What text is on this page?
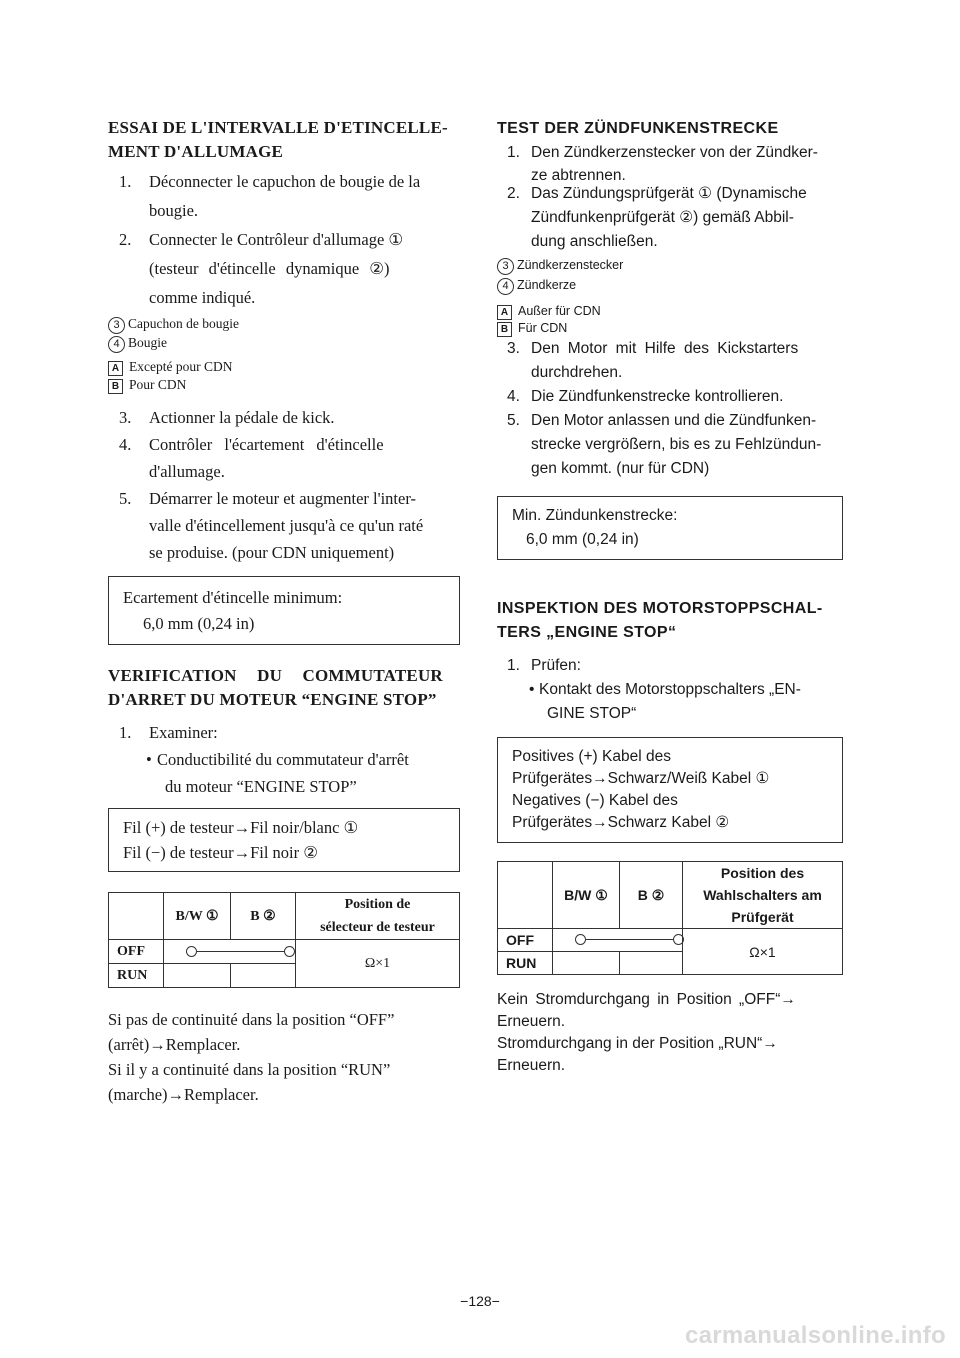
ESSAI DE L'INTERVALLE D'ETINCELLE-
MENT D'ALLUMAGE
1. Déconnecter le capuchon de bougie de la
bougie.
2. Connecter le Contrôleur d'allumage ①
(testeur d'étincelle dynamique ②)
comme indiqué.
3 Capuchon de bougie
4 Bougie
A Excepté pour CDN
B Pour CDN
3. Actionner la pédale de kick.
4. Contrôler l'écartement d'étincelle
d'allumage.
5. Démarrer le moteur et augmenter l'inter-
valle d'étincellement jusqu'à ce qu'un raté
se produise. (pour CDN uniquement)
Ecartement d'étincelle minimum:
6,0 mm (0,24 in)
VERIFICATION DU COMMUTATEUR
D'ARRET DU MOTEUR “ENGINE STOP”
1. Examiner:
• Conductibilité du commutateur d'arrêt
du moteur “ENGINE STOP”
Fil (+) de testeur→Fil noir/blanc ①
Fil (−) de testeur→Fil noir ②
	B/W ①	B ②	Position de
sélecteur de testeur
OFF			Ω×1
RUN			
Si pas de continuité dans la position “OFF”
(arrêt)→Remplacer.
Si il y a continuité dans la position “RUN”
(marche)→Remplacer.
TEST DER ZÜNDFUNKENSTRECKE
1. Den Zündkerzenstecker von der Zündker-
ze abtrennen.
2. Das Zündungsprüfgerät ① (Dynamische
Zündfunkenprüfgerät ②) gemäß Abbil-
dung anschließen.
3 Zündkerzenstecker
4 Zündkerze
A Außer für CDN
B Für CDN
3. Den Motor mit Hilfe des Kickstarters
durchdrehen.
4. Die Zündfunkenstrecke kontrollieren.
5. Den Motor anlassen und die Zündfunken-
strecke vergrößern, bis es zu Fehlzündun-
gen kommt. (nur für CDN)
Min. Zündunkenstrecke:
6,0 mm (0,24 in)
INSPEKTION DES MOTORSTOPPSCHAL-
TERS „ENGINE STOP“
1. Prüfen:
• Kontakt des Motorstoppschalters „EN-
GINE STOP“
Positives (+) Kabel des
Prüfgerätes→Schwarz/Weiß Kabel ①
Negatives (−) Kabel des
Prüfgerätes→Schwarz Kabel ②
	B/W ①	B ②	Position des
Wahlschalters am
Prüfgerät
OFF			Ω×1
RUN			
Kein Stromdurchgang in Position „OFF“→
Erneuern.
Stromdurchgang in der Position „RUN“→
Erneuern.
−128−
carmanualsonline.info
